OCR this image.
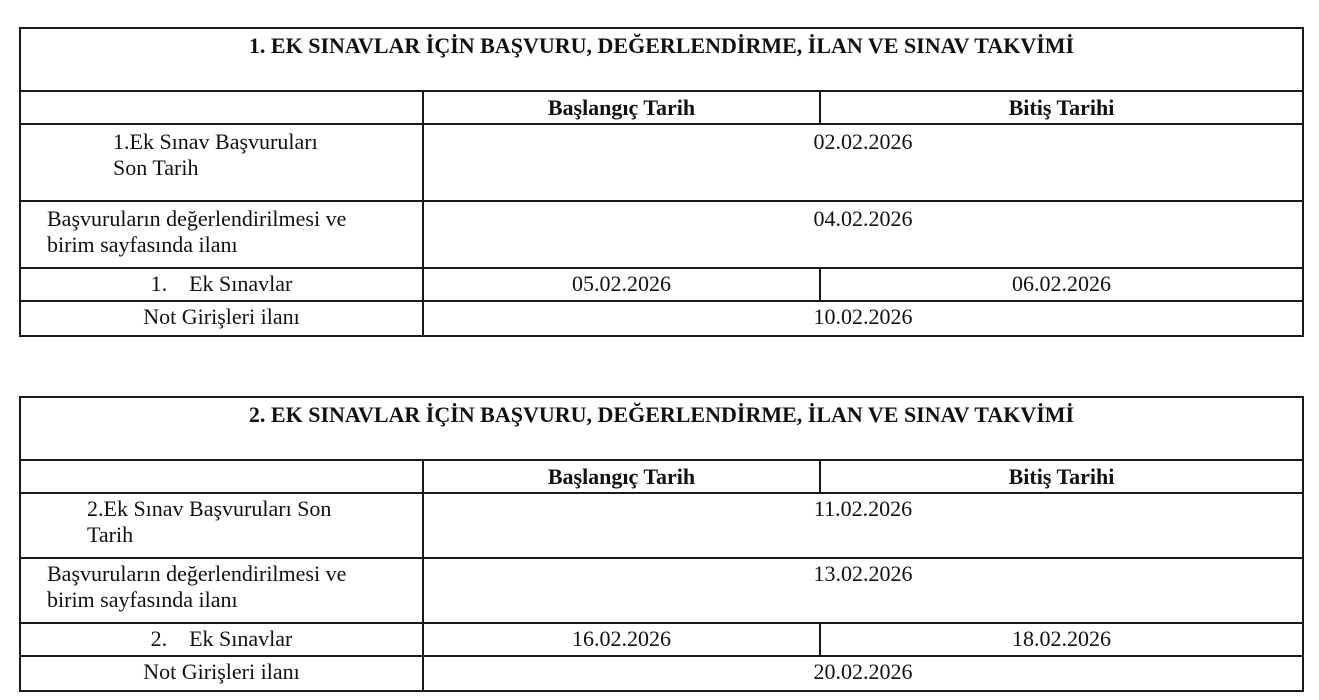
1. EK SINAVLAR İÇİN BAŞVURU, DEĞERLENDİRME, İLAN VE SINAV TAKVİMİ		
	Başlangıç Tarih	Bitiş Tarihi

1.Ek Sınav Başvuruları
Son Tarih	02.02.2026	

Başvuruların değerlendirilmesi ve
birim sayfasında ilanı	04.02.2026	
1.    Ek Sınavlar	05.02.2026	06.02.2026
Not Girişleri ilanı	10.02.2026	
2. EK SINAVLAR İÇİN BAŞVURU, DEĞERLENDİRME, İLAN VE SINAV TAKVİMİ		
	Başlangıç Tarih	Bitiş Tarihi

2.Ek Sınav Başvuruları Son
Tarih	11.02.2026	

Başvuruların değerlendirilmesi ve
birim sayfasında ilanı	13.02.2026	
2.    Ek Sınavlar	16.02.2026	18.02.2026
Not Girişleri ilanı	20.02.2026	
